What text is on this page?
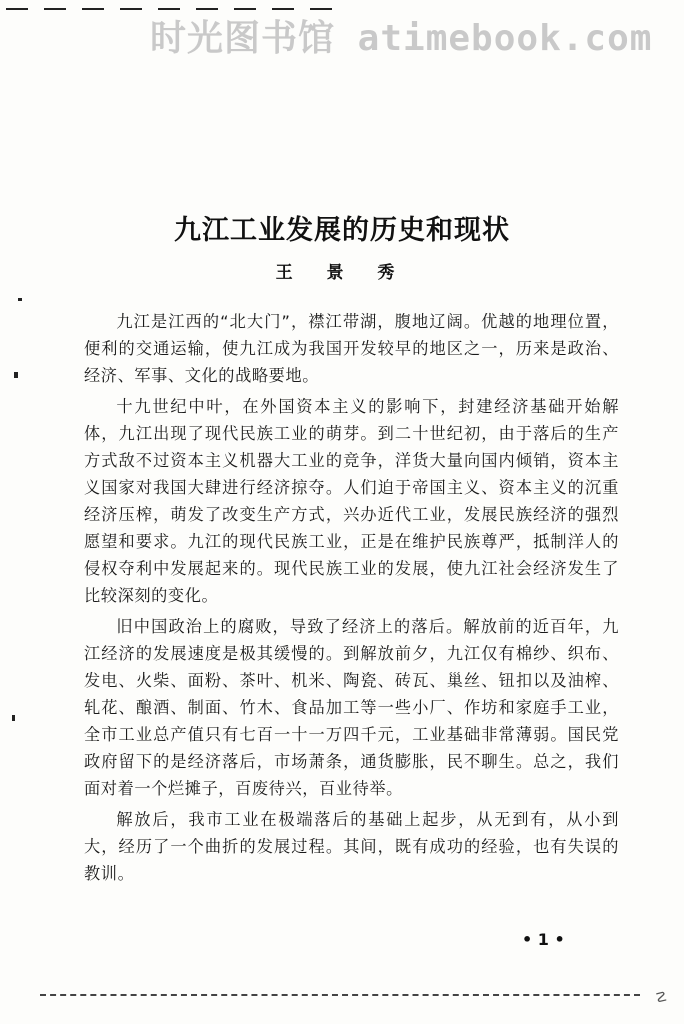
时光图书馆 atimebook.com
九江工业发展的历史和现状
王 景 秀

九江是江西的“北大门”，襟江带湖，腹地辽阔。优越的地理位置，便利的交通运输，使九江成为我国开发较早的地区之一，历来是政治、经济、军事、文化的战略要地。

十九世纪中叶，在外国资本主义的影响下，封建经济基础开始解体，九江出现了现代民族工业的萌芽。到二十世纪初，由于落后的生产方式敌不过资本主义机器大工业的竞争，洋货大量向国内倾销，资本主义国家对我国大肆进行经济掠夺。人们迫于帝国主义、资本主义的沉重经济压榨，萌发了改变生产方式，兴办近代工业，发展民族经济的强烈愿望和要求。九江的现代民族工业，正是在维护民族尊严，抵制洋人的侵权夺利中发展起来的。现代民族工业的发展，使九江社会经济发生了比较深刻的变化。

旧中国政治上的腐败，导致了经济上的落后。解放前的近百年，九江经济的发展速度是极其缓慢的。到解放前夕，九江仅有棉纱、织布、发电、火柴、面粉、茶叶、机米、陶瓷、砖瓦、巢丝、钮扣以及油榨、轧花、酿酒、制面、竹木、食品加工等一些小厂、作坊和家庭手工业，全市工业总产值只有七百一十一万四千元，工业基础非常薄弱。国民党政府留下的是经济落后，市场萧条，通货膨胀，民不聊生。总之，我们面对着一个烂摊子，百废待兴，百业待举。

解放后，我市工业在极端落后的基础上起步，从无到有，从小到大，经历了一个曲折的发展过程。其间，既有成功的经验，也有失误的教训。

• 1 •
☡
